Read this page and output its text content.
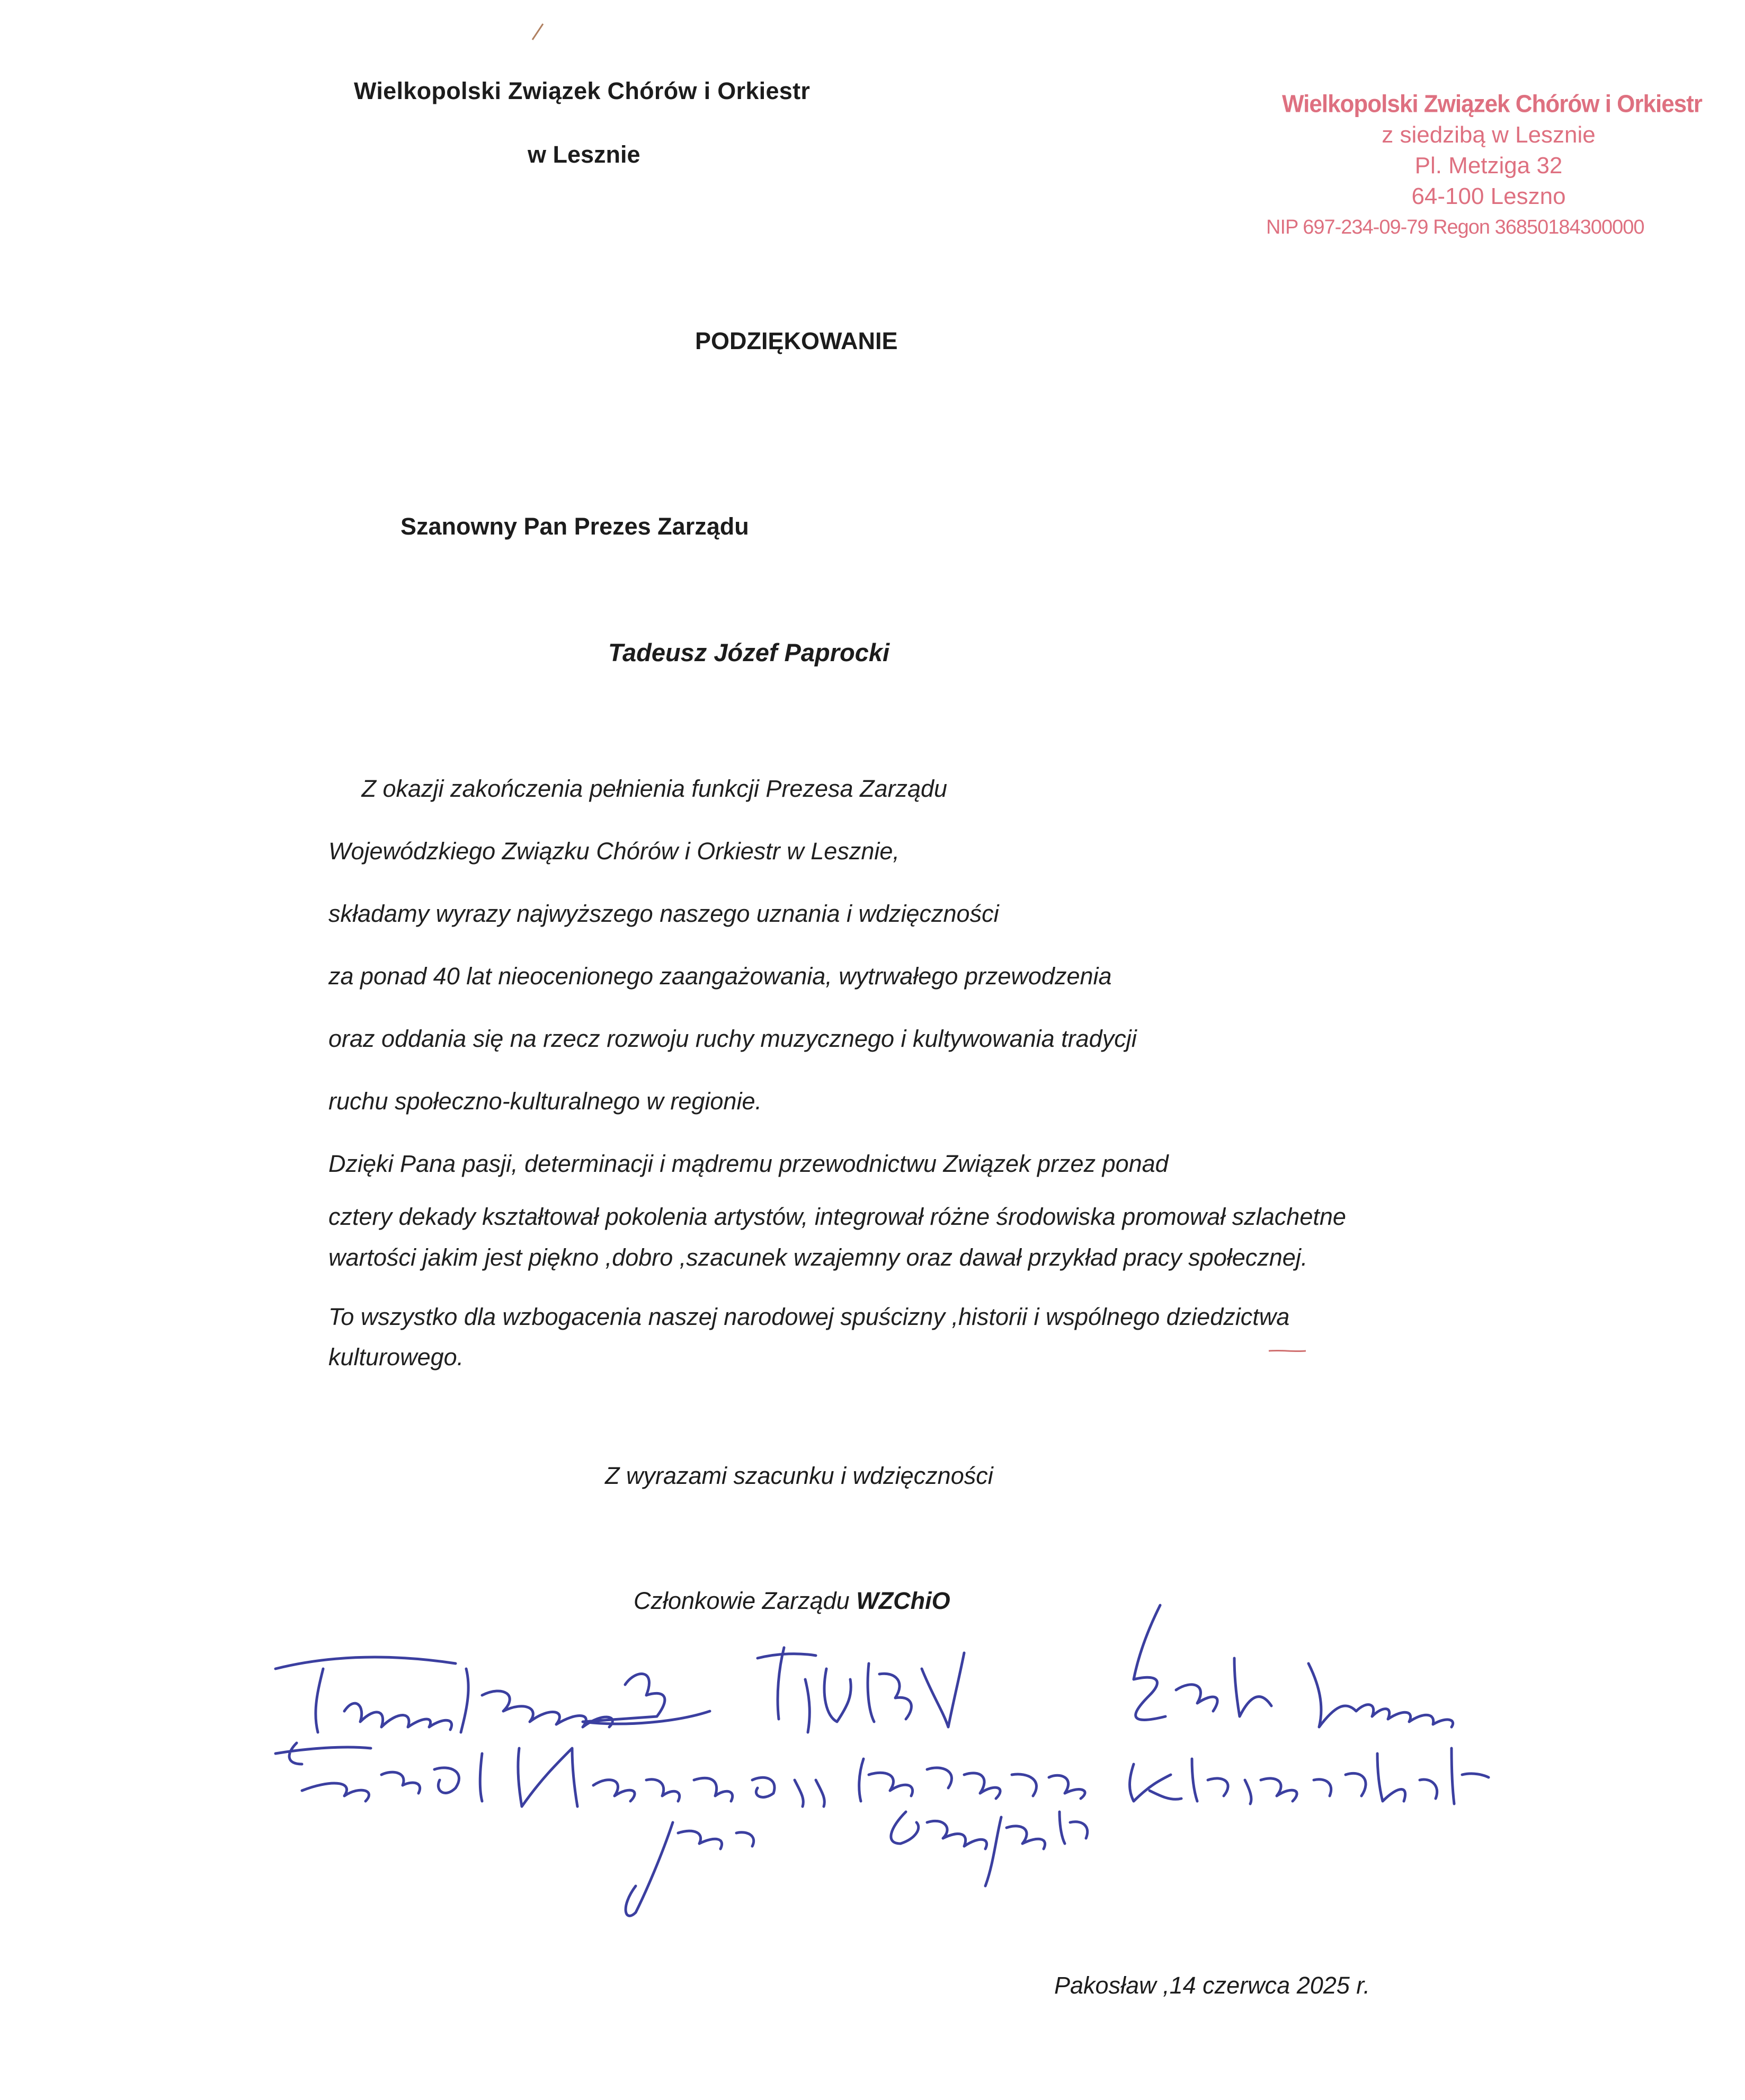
Wielkopolski Związek Chórów i Orkiestr
w Lesznie
Wielkopolski Związek Chórów i Orkiestr
z siedzibą w Lesznie
Pl. Metziga 32
64-100 Leszno
NIP 697-234-09-79 Regon 36850184300000
PODZIĘKOWANIE
Szanowny Pan Prezes Zarządu
Tadeusz Józef Paprocki

Z okazji zakończenia pełnienia funkcji Prezesa Zarządu

Wojewódzkiego Związku Chórów i Orkiestr w Lesznie,

składamy wyrazy najwyższego naszego uznania i wdzięczności

za ponad 40 lat nieocenionego zaangażowania, wytrwałego przewodzenia

oraz oddania się na rzecz rozwoju ruchy muzycznego i kultywowania tradycji

ruchu społeczno-kulturalnego w regionie.

Dzięki Pana pasji, determinacji i mądremu przewodnictwu Związek przez ponad

cztery dekady kształtował pokolenia artystów, integrował różne środowiska promował szlachetne

wartości jakim jest piękno ,dobro ,szacunek wzajemny oraz dawał przykład pracy społecznej.

To wszystko dla wzbogacenia naszej narodowej spuścizny ,historii i wspólnego dziedzictwa

kulturowego.

Z wyrazami szacunku i wdzięczności
Członkowie Zarządu WZChiO
Pakosław ,14 czerwca 2025 r.
